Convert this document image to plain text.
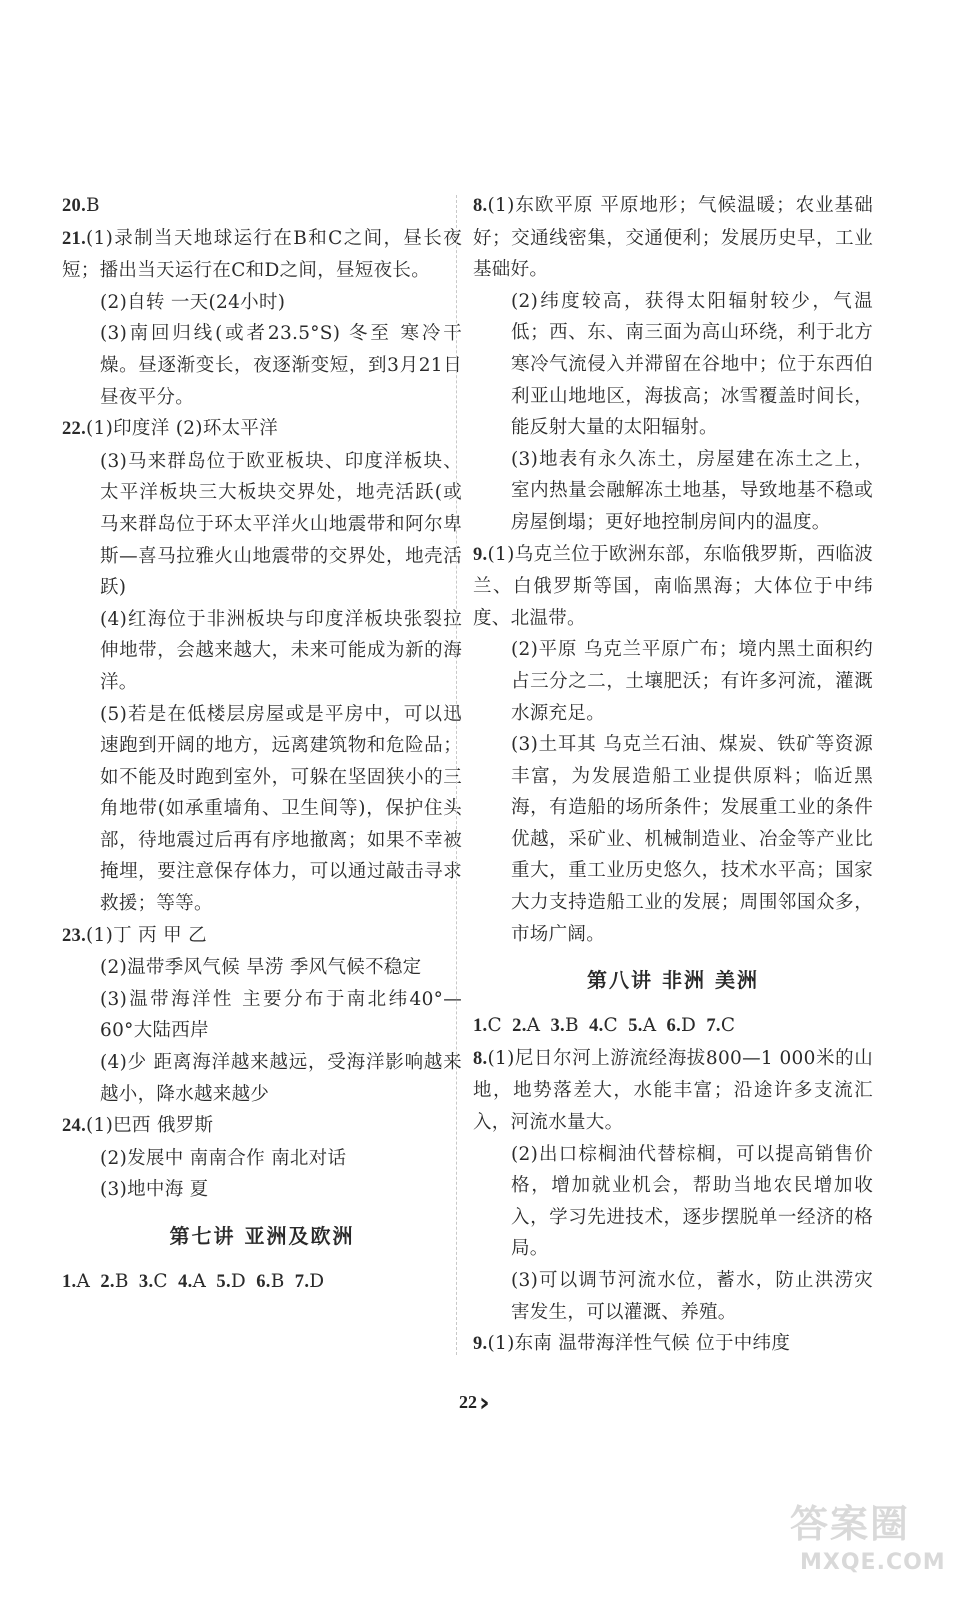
20.B

21.(1)录制当天地球运行在B和C之间，昼长夜短；播出当天运行在C和D之间，昼短夜长。

(2)自转 一天(24小时)

(3)南回归线(或者23.5°S) 冬至 寒冷干燥。昼逐渐变长，夜逐渐变短，到3月21日昼夜平分。

22.(1)印度洋 (2)环太平洋

(3)马来群岛位于欧亚板块、印度洋板块、太平洋板块三大板块交界处，地壳活跃(或马来群岛位于环太平洋火山地震带和阿尔卑斯—喜马拉雅火山地震带的交界处，地壳活跃)

(4)红海位于非洲板块与印度洋板块张裂拉伸地带，会越来越大，未来可能成为新的海洋。

(5)若是在低楼层房屋或是平房中，可以迅速跑到开阔的地方，远离建筑物和危险品；如不能及时跑到室外，可躲在坚固狭小的三角地带(如承重墙角、卫生间等)，保护住头部，待地震过后再有序地撤离；如果不幸被掩埋，要注意保存体力，可以通过敲击寻求救援；等等。

23.(1)丁 丙 甲 乙

(2)温带季风气候 旱涝 季风气候不稳定

(3)温带海洋性 主要分布于南北纬40°—60°大陆西岸

(4)少 距离海洋越来越远，受海洋影响越来越小，降水越来越少

24.(1)巴西 俄罗斯

(2)发展中 南南合作 南北对话

(3)地中海 夏

第七讲 亚洲及欧洲

1.A 2.B 3.C 4.A 5.D 6.B 7.D

8.(1)东欧平原 平原地形；气候温暖；农业基础好；交通线密集，交通便利；发展历史早，工业基础好。

(2)纬度较高，获得太阳辐射较少，气温低；西、东、南三面为高山环绕，利于北方寒冷气流侵入并滞留在谷地中；位于东西伯利亚山地地区，海拔高；冰雪覆盖时间长，能反射大量的太阳辐射。

(3)地表有永久冻土，房屋建在冻土之上，室内热量会融解冻土地基，导致地基不稳或房屋倒塌；更好地控制房间内的温度。

9.(1)乌克兰位于欧洲东部，东临俄罗斯，西临波兰、白俄罗斯等国，南临黑海；大体位于中纬度、北温带。

(2)平原 乌克兰平原广布；境内黑土面积约占三分之二，土壤肥沃；有许多河流，灌溉水源充足。

(3)土耳其 乌克兰石油、煤炭、铁矿等资源丰富，为发展造船工业提供原料；临近黑海，有造船的场所条件；发展重工业的条件优越，采矿业、机械制造业、冶金等产业比重大，重工业历史悠久，技术水平高；国家大力支持造船工业的发展；周围邻国众多，市场广阔。

第八讲 非洲 美洲

1.C 2.A 3.B 4.C 5.A 6.D 7.C

8.(1)尼日尔河上游流经海拔800—1 000米的山地，地势落差大，水能丰富；沿途许多支流汇入，河流水量大。

(2)出口棕榈油代替棕榈，可以提高销售价格，增加就业机会，帮助当地农民增加收入，学习先进技术，逐步摆脱单一经济的格局。

(3)可以调节河流水位，蓄水，防止洪涝灾害发生，可以灌溉、养殖。

9.(1)东南 温带海洋性气候 位于中纬度

22 ›
答案圈
MXQE.COM
